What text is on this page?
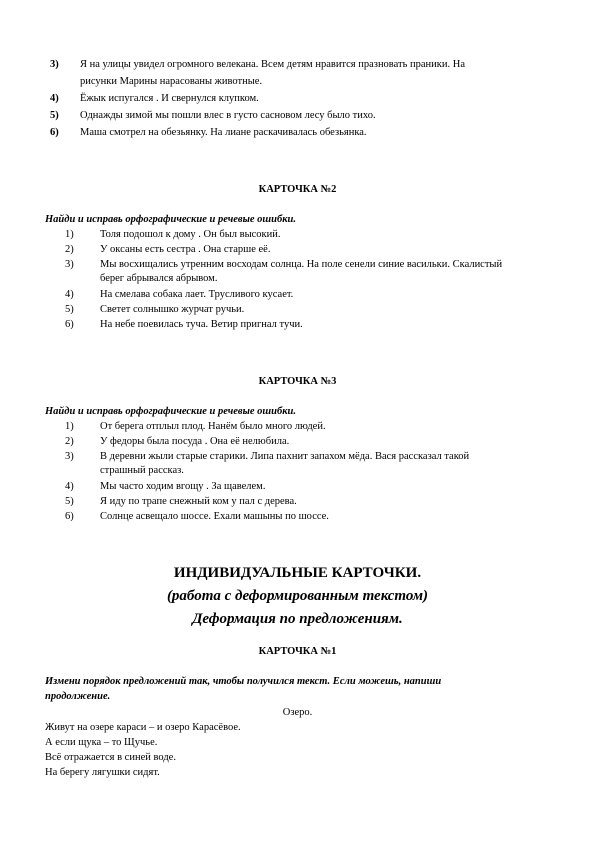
3) Я на улицы увидел огромного велекана. Всем детям нравится празновать праники. На
рисунки Марины нарасованы животные.
4) Ёжык испугался . И свернулся клупком.
5) Однажды зимой мы пошли влес в густо сасновом лесу было тихо.
6) Маша смотрел на обезьянку. На лиане раскачивалась обезьянка.
КАРТОЧКА №2
Найди и исправь орфографические и речевые ошибки.
1)	Толя подошол к дому . Он был высокий.
2)	У оксаны есть сестра . Она старше её.
3)	Мы восхищались утренним восходам солнца. На поле сенели синие васильки. Скалистый
берег абрывался абрывом.
4)	На смелава собака лает. Трусливого кусает.
5)	Светет солнышко журчат ручьи.
6)	На небе поевилась туча. Ветир пригнал тучи.
КАРТОЧКА №3
Найди и исправь орфографические и речевые ошибки.
1)	От берега отплыл плод. Нaнём было много людей.
2)	У федоры была посуда . Она её нелюбила.
3)	В деревни жыли старые старики. Липа пахнит запахом мёда. Вася рассказал такой
страшный рассказ.
4)	Мы часто ходим вгощу . За щавелем.
5)	Я иду по трапе снежный ком у пал с дерева.
6)	Солнце асвещало шоссе. Ехали машыны по шоссе.
ИНДИВИДУАЛЬНЫЕ КАРТОЧКИ.
(работа с деформированным текстом)
Деформация по предложениям.
КАРТОЧКА №1
Измени порядок предложений так, чтобы получился текст. Если можешь, напиши
продолжение.
Озеро.
Живут на озере караси – и озеро Карасёвое.
А если щука – то Щучье.
Всё отражается в синей воде.
На берегу лягушки сидят.
